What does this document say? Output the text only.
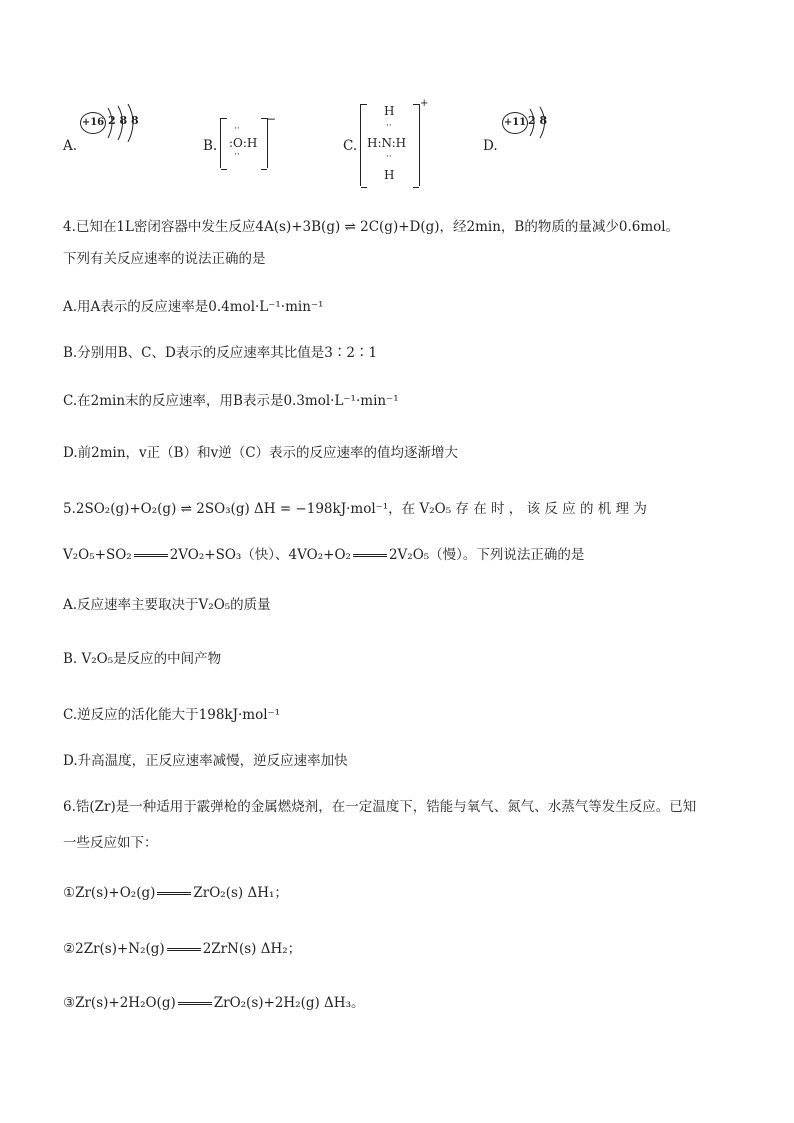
A.
+16 2 8 8
B. :O:H
··
··
−
C.
H
··
H:N:H
··
H
+
D.
+11 2 8
4.已知在1L密闭容器中发生反应4A(s)+3B(g) ⇌ 2C(g)+D(g)，经2min，B的物质的量减少0.6mol。
下列有关反应速率的说法正确的是
A.用A表示的反应速率是0.4mol·L⁻¹·min⁻¹
B.分别用B、C、D表示的反应速率其比值是3∶2∶1
C.在2min末的反应速率，用B表示是0.3mol·L⁻¹·min⁻¹
D.前2min，v正（B）和v逆（C）表示的反应速率的值均逐渐增大
5.2SO₂(g)+O₂(g) ⇌ 2SO₃(g) ΔH = −198kJ·mol⁻¹，在 V₂O₅ 存 在 时 ， 该 反 应 的 机 理 为
V₂O₅+SO₂	2VO₂+SO₃（快）、4VO₂+O₂	2V₂O₅（慢）。下列说法正确的是
A.反应速率主要取决于V₂O₅的质量
B. V₂O₅是反应的中间产物
C.逆反应的活化能大于198kJ·mol⁻¹
D.升高温度，正反应速率减慢，逆反应速率加快
6.锆(Zr)是一种适用于霰弹枪的金属燃烧剂，在一定温度下，锆能与氧气、氮气、水蒸气等发生反应。已知
一些反应如下：
①Zr(s)+O₂(g)	ZrO₂(s) ΔH₁；
②2Zr(s)+N₂(g)	2ZrN(s) ΔH₂；
③Zr(s)+2H₂O(g)	ZrO₂(s)+2H₂(g) ΔH₃。
